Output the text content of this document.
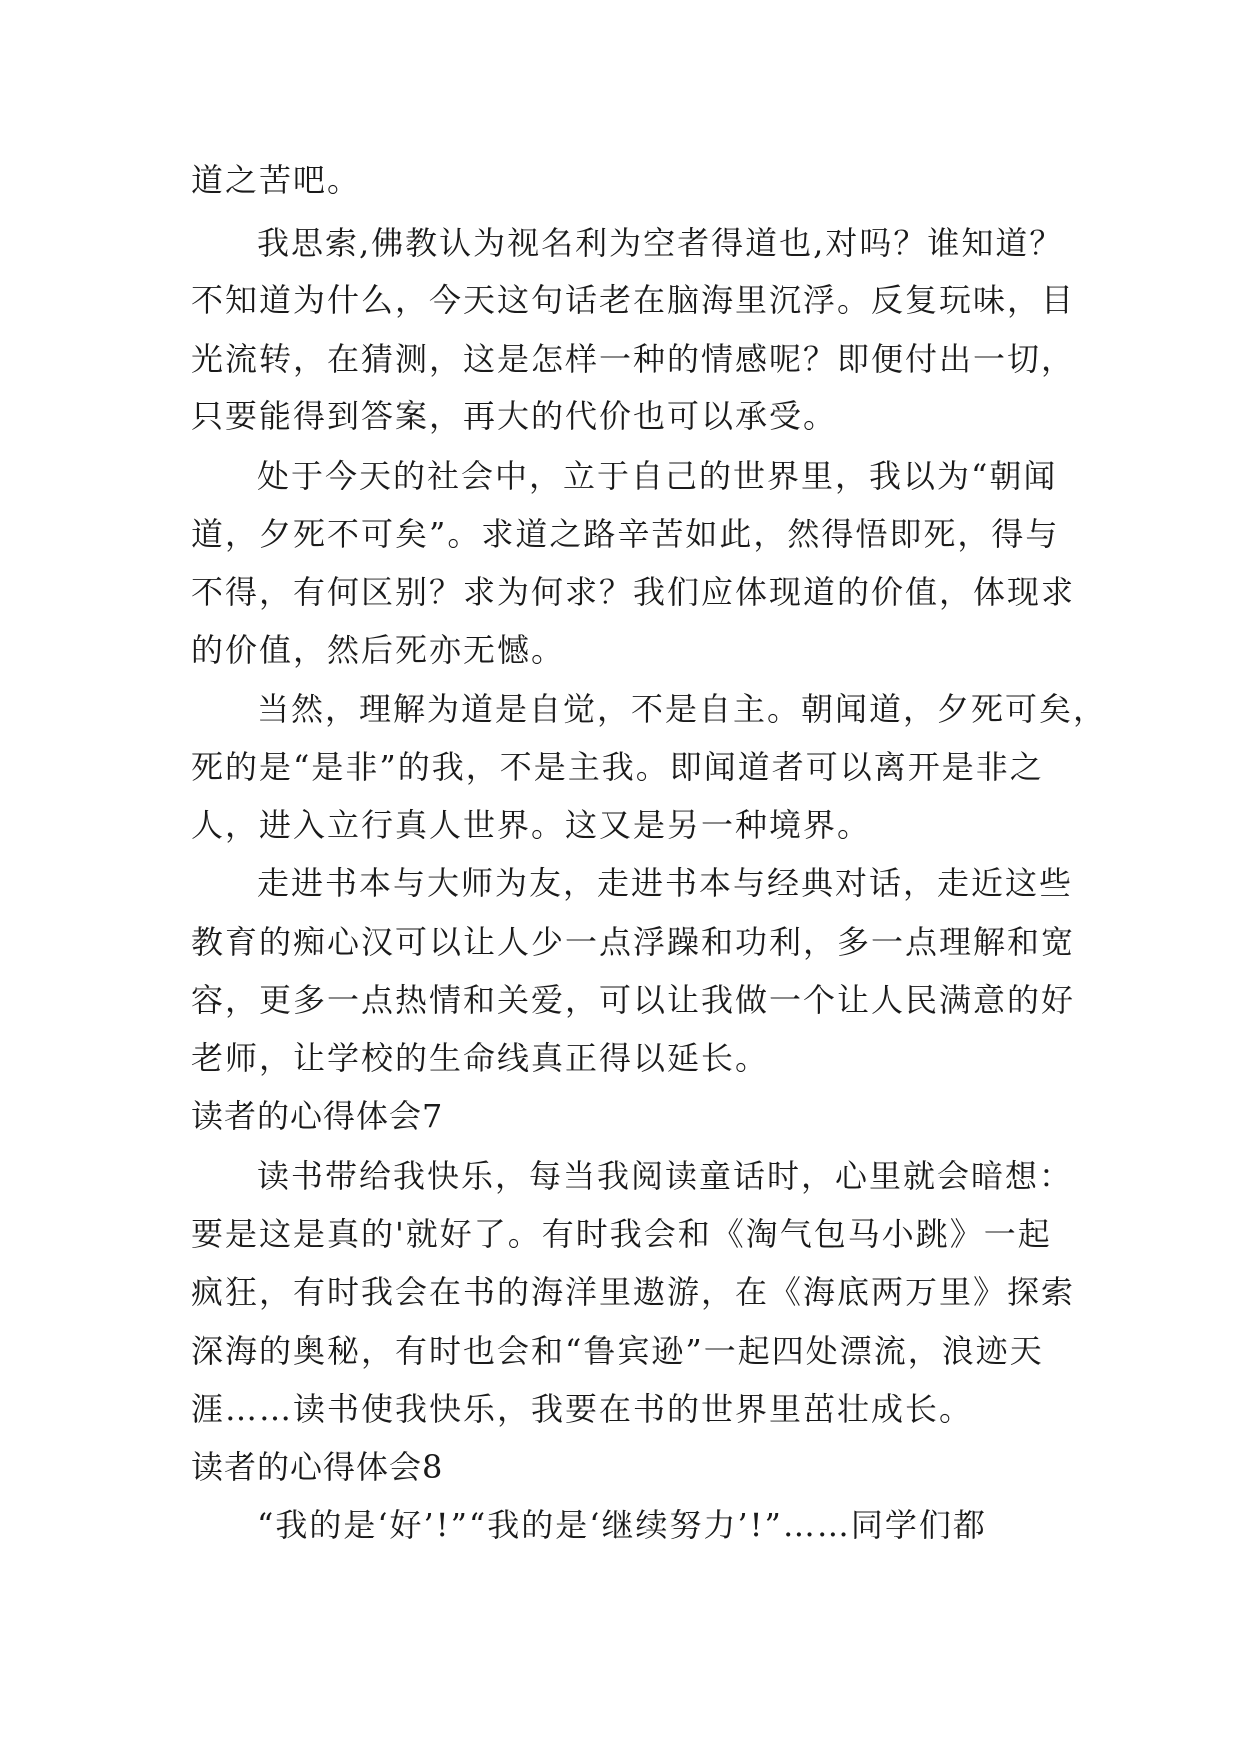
道之苦吧。
我思索,佛教认为视名利为空者得道也,对吗？谁知道？
不知道为什么，今天这句话老在脑海里沉浮。反复玩味，目
光流转，在猜测，这是怎样一种的情感呢？即便付出一切，
只要能得到答案，再大的代价也可以承受。
处于今天的社会中，立于自己的世界里，我以为“朝闻
道，夕死不可矣”。求道之路辛苦如此，然得悟即死，得与
不得，有何区别？求为何求？我们应体现道的价值，体现求
的价值，然后死亦无憾。
当然，理解为道是自觉，不是自主。朝闻道，夕死可矣，
死的是“是非”的我，不是主我。即闻道者可以离开是非之
人，进入立行真人世界。这又是另一种境界。
走进书本与大师为友，走进书本与经典对话，走近这些
教育的痴心汉可以让人少一点浮躁和功利，多一点理解和宽
容，更多一点热情和关爱，可以让我做一个让人民满意的好
老师，让学校的生命线真正得以延长。
读者的心得体会7
读书带给我快乐，每当我阅读童话时，心里就会暗想：
要是这是真的'就好了。有时我会和《淘气包马小跳》一起
疯狂，有时我会在书的海洋里遨游，在《海底两万里》探索
深海的奥秘，有时也会和“鲁宾逊”一起四处漂流，浪迹天
涯……读书使我快乐，我要在书的世界里茁壮成长。
读者的心得体会8
“我的是‘好’!”“我的是‘继续努力’!”……同学们都
